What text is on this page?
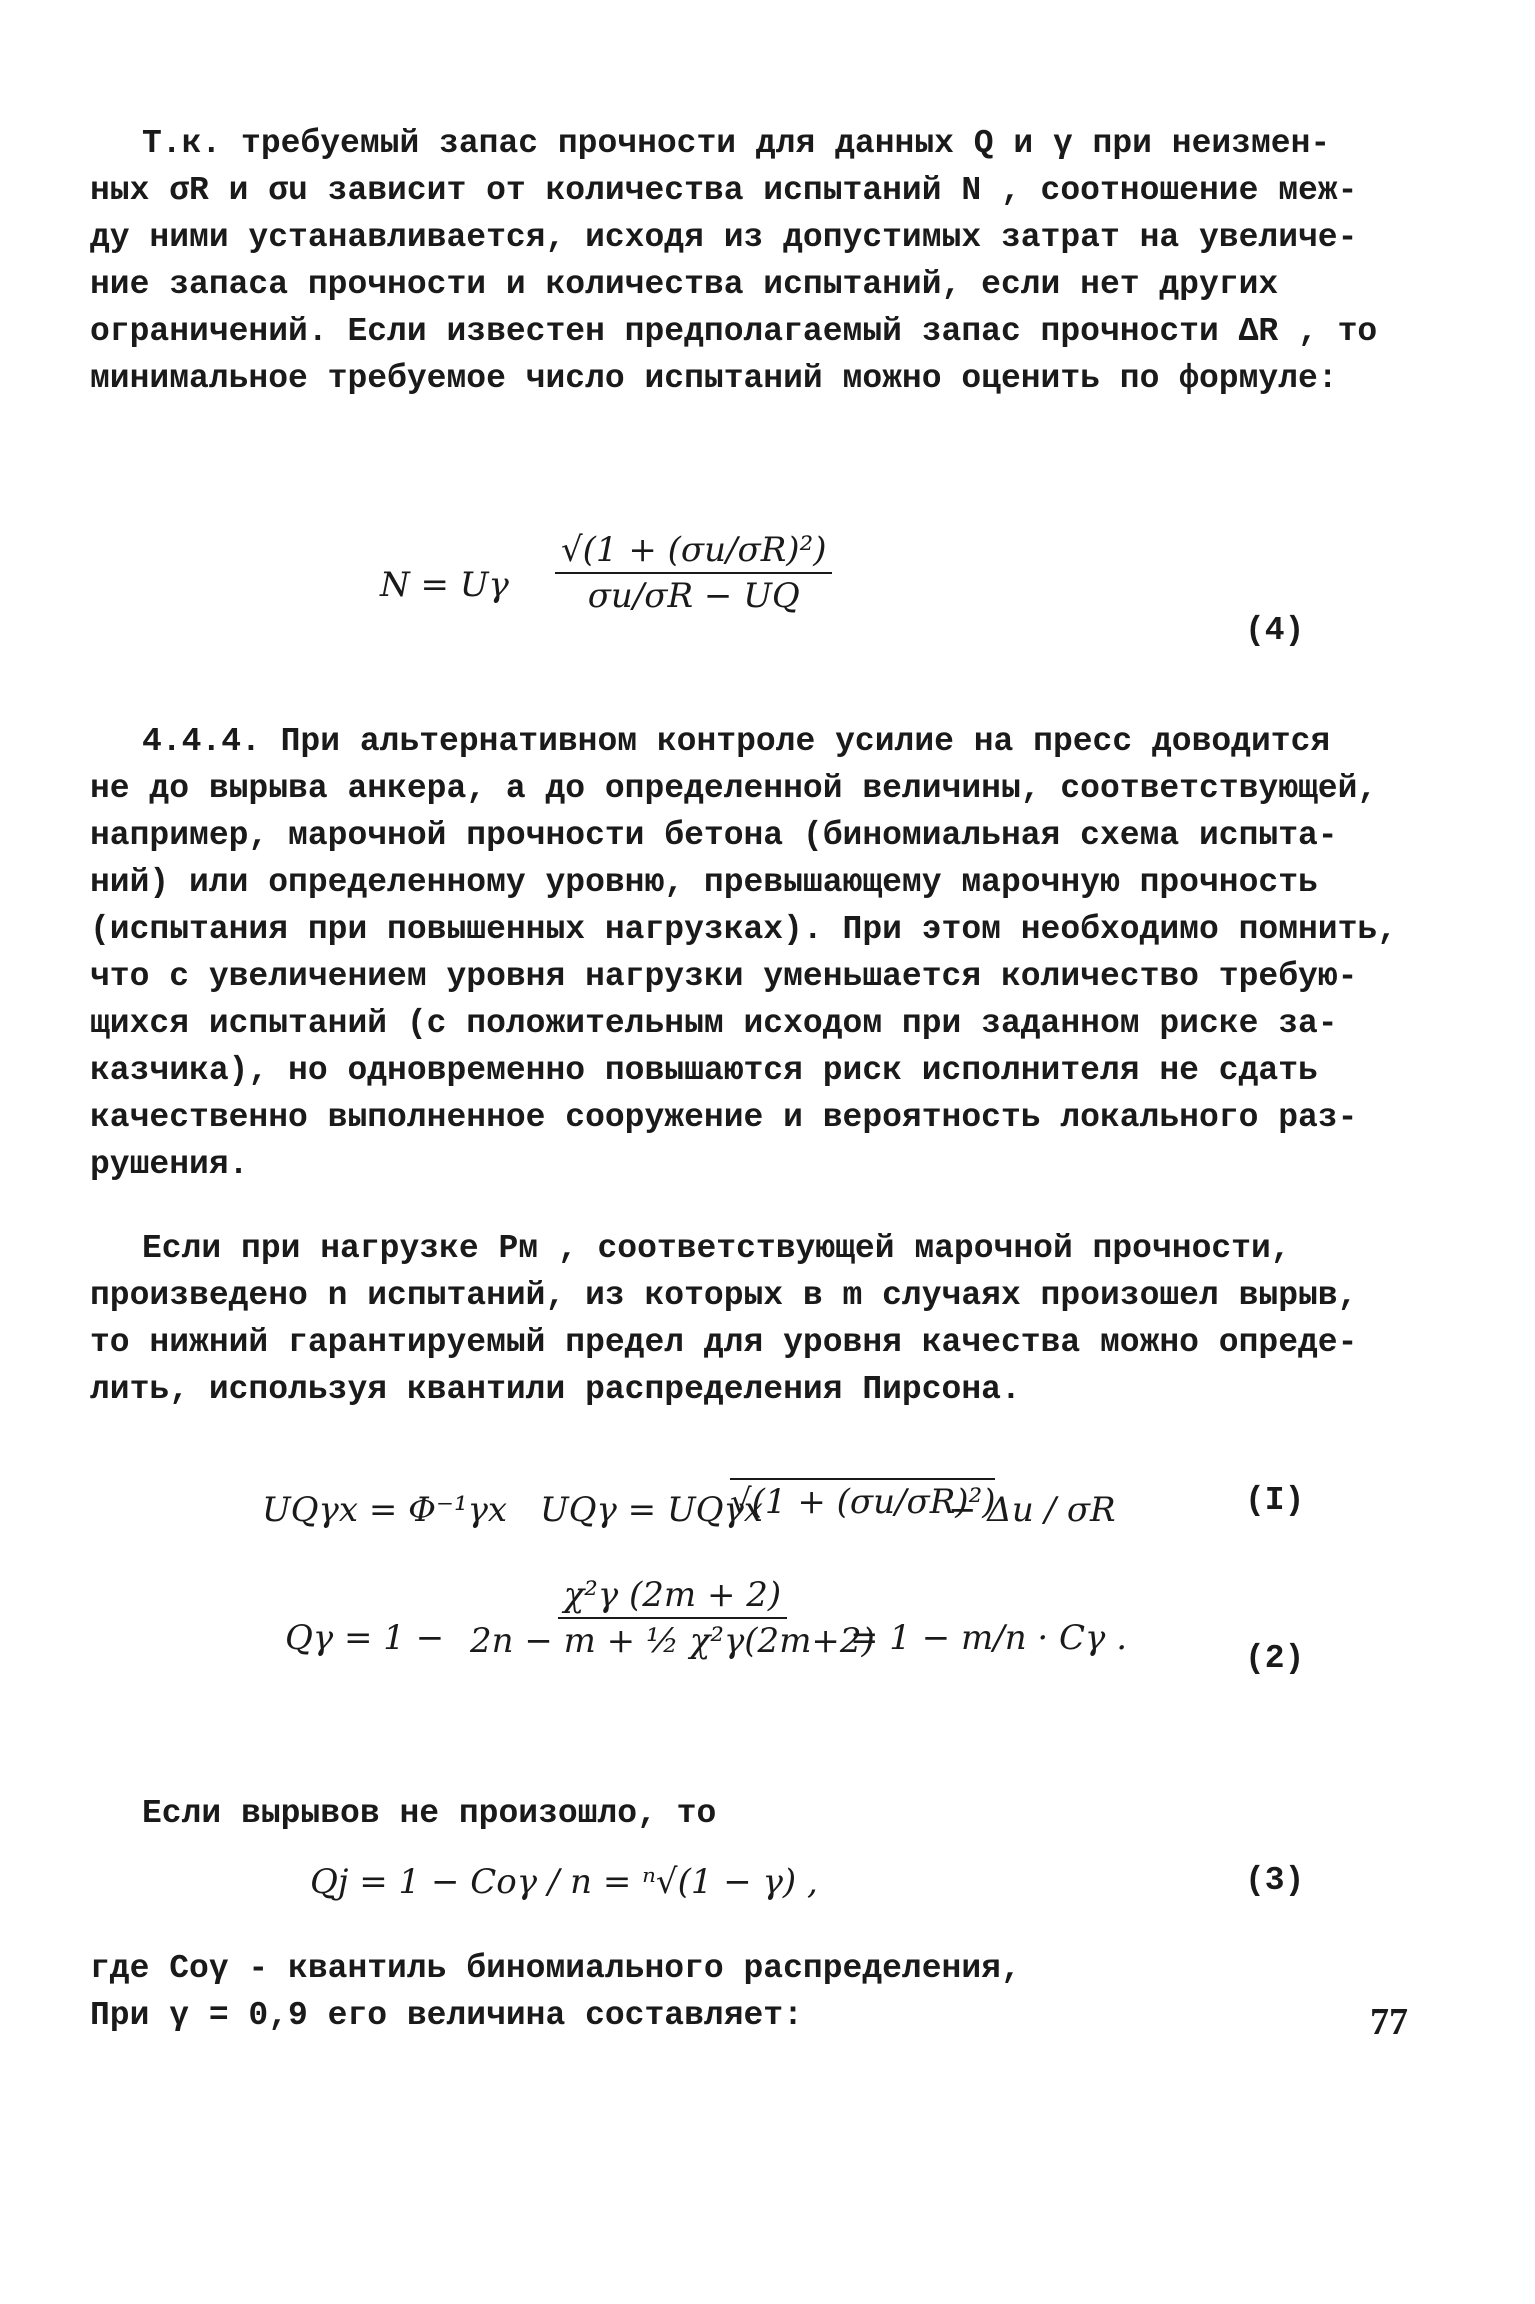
Т.к. требуемый запас прочности для данных Q и γ при неизмен-
ных σR и σu зависит от количества испытаний N , соотношение меж-
ду ними устанавливается, исходя из допустимых затрат на увеличе-
ние запаса прочности и количества испытаний, если нет других
ограничений. Если известен предполагаемый запас прочности ΔR , то
минимальное требуемое число испытаний можно оценить по формуле:
N = Uγ $\frac{\text{√(1 + (σu/σR)²)}}{\sigma u/\sigma R - UQ}$
(4)
4.4.4. При альтернативном контроле усилие на пресс доводится
не до вырыва анкера, а до определенной величины, соответствующей,
например, марочной прочности бетона (биномиальная схема испыта-
ний) или определенному уровню, превышающему марочную прочность
(испытания при повышенных нагрузках). При этом необходимо помнить,
что с увеличением уровня нагрузки уменьшается количество требую-
щихся испытаний (с положительным исходом при заданном риске за-
казчика), но одновременно повышаются риск исполнителя не сдать
качественно выполненное сооружение и вероятность локального раз-
рушения.
Если при нагрузке Pм , соответствующей марочной прочности,
произведено n испытаний, из которых в m случаях произошел вырыв,
то нижний гарантируемый предел для уровня качества можно опреде-
лить, используя квантили распределения Пирсона.
UQγx = Φ⁻¹γx UQγ = UQγx
√(1 + (σu/σR)²)
− Δu / σR	(I)
$Q\gamma = 1 - \frac{\text{χ²γ (2m + 2)}}{\text{2n − m + ½ χ²γ(2m+2)}}$
= 1 − m/n · Cγ .
(2)
Если вырывов не произошло, то
Qj = 1 − Coγ / n = ⁿ√(1 − γ) ,	(3)
где Coγ - квантиль биномиального распределения,
При γ = 0,9 его величина составляет:	77
